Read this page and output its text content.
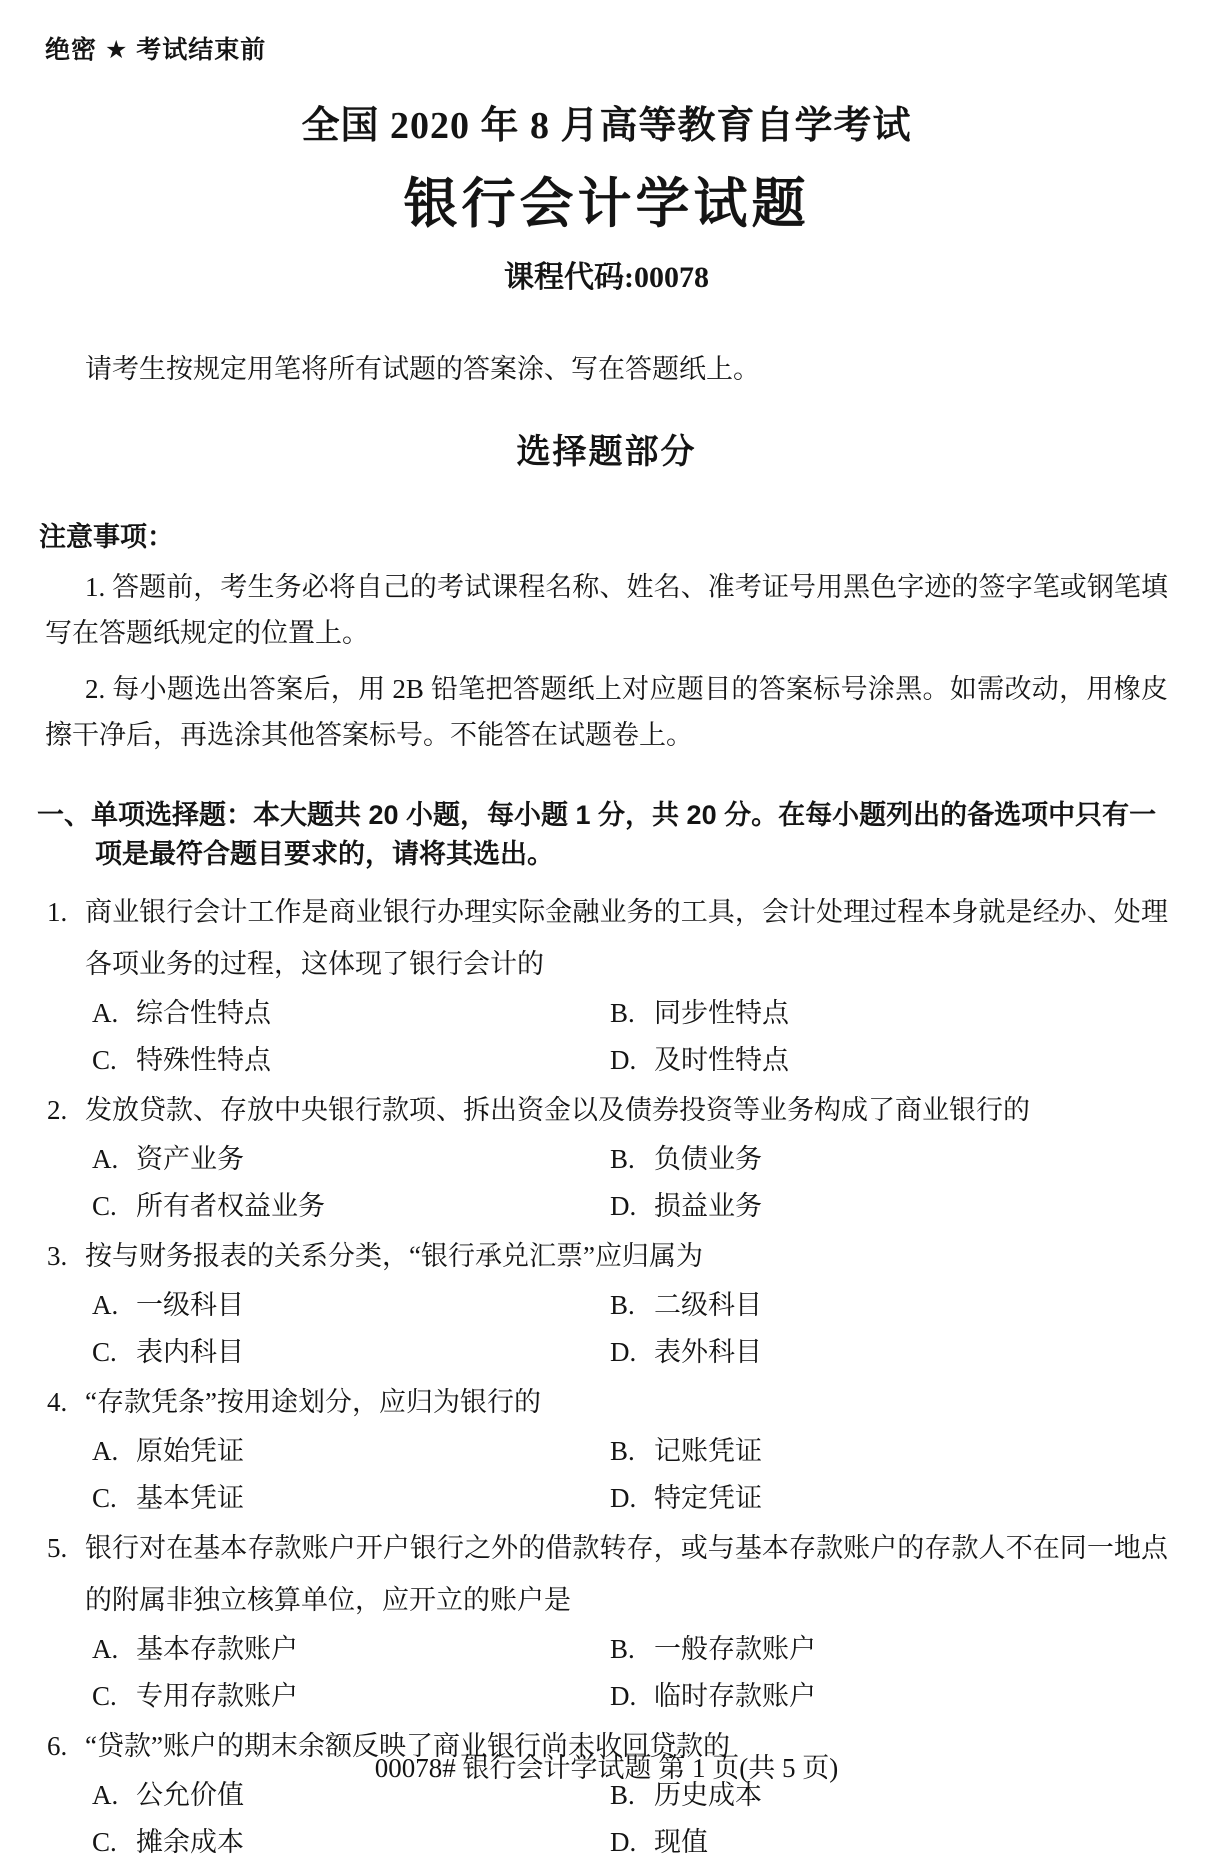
绝密 ★ 考试结束前
全国 2020 年 8 月高等教育自学考试
银行会计学试题
课程代码:00078
请考生按规定用笔将所有试题的答案涂、写在答题纸上。
选择题部分
注意事项：

1. 答题前，考生务必将自己的考试课程名称、姓名、准考证号用黑色字迹的签字笔或钢笔填写在答题纸规定的位置上。

2. 每小题选出答案后，用 2B 铅笔把答题纸上对应题目的答案标号涂黑。如需改动，用橡皮擦干净后，再选涂其他答案标号。不能答在试题卷上。

一、单项选择题：本大题共 20 小题，每小题 1 分，共 20 分。在每小题列出的备选项中只有一项是最符合题目要求的，请将其选出。
1. 商业银行会计工作是商业银行办理实际金融业务的工具，会计处理过程本身就是经办、处理各项业务的过程，这体现了银行会计的
A. 综合性特点	B. 同步性特点
C. 特殊性特点	D. 及时性特点
2. 发放贷款、存放中央银行款项、拆出资金以及债券投资等业务构成了商业银行的
A. 资产业务	B. 负债业务
C. 所有者权益业务	D. 损益业务
3. 按与财务报表的关系分类，“银行承兑汇票”应归属为
A. 一级科目	B. 二级科目
C. 表内科目	D. 表外科目
4. “存款凭条”按用途划分，应归为银行的
A. 原始凭证	B. 记账凭证
C. 基本凭证	D. 特定凭证
5. 银行对在基本存款账户开户银行之外的借款转存，或与基本存款账户的存款人不在同一地点的附属非独立核算单位，应开立的账户是
A. 基本存款账户	B. 一般存款账户
C. 专用存款账户	D. 临时存款账户
6. “贷款”账户的期末余额反映了商业银行尚未收回贷款的
A. 公允价值	B. 历史成本
C. 摊余成本	D. 现值
00078# 银行会计学试题 第 1 页(共 5 页)
